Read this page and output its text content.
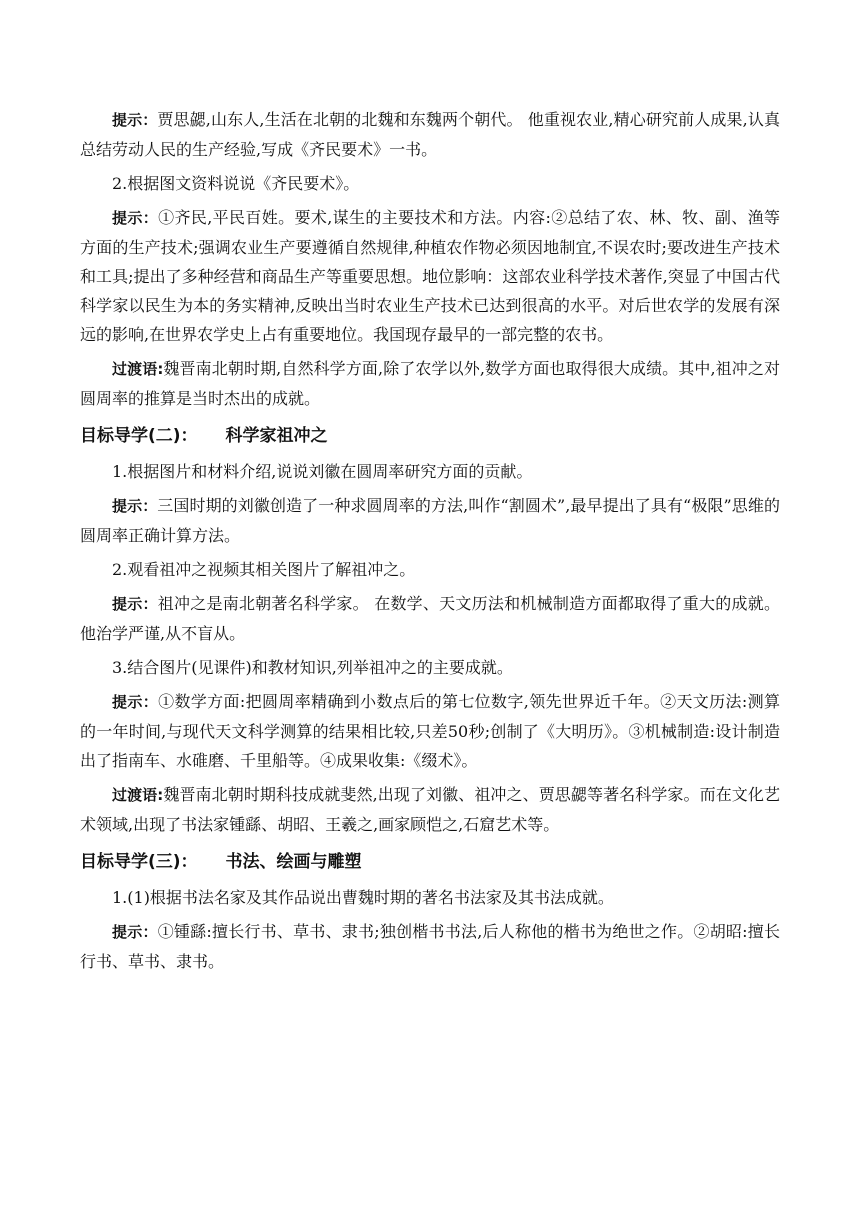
提示：贾思勰,山东人,生活在北朝的北魏和东魏两个朝代。 他重视农业,精心研究前人成果,认真总结劳动人民的生产经验,写成《齐民要术》一书。

2.根据图文资料说说《齐民要术》。

提示：①齐民,平民百姓。要术,谋生的主要技术和方法。内容:②总结了农、林、牧、副、渔等方面的生产技术;强调农业生产要遵循自然规律,种植农作物必须因地制宜,不误农时;要改进生产技术和工具;提出了多种经营和商品生产等重要思想。地位影响：这部农业科学技术著作,突显了中国古代科学家以民生为本的务实精神,反映出当时农业生产技术已达到很高的水平。对后世农学的发展有深远的影响,在世界农学史上占有重要地位。我国现存最早的一部完整的农书。

过渡语:魏晋南北朝时期,自然科学方面,除了农学以外,数学方面也取得很大成绩。其中,祖冲之对圆周率的推算是当时杰出的成就。

目标导学(二)： 科学家祖冲之

1.根据图片和材料介绍,说说刘徽在圆周率研究方面的贡献。

提示：三国时期的刘徽创造了一种求圆周率的方法,叫作“割圆术”,最早提出了具有“极限”思维的圆周率正确计算方法。

2.观看祖冲之视频其相关图片了解祖冲之。

提示：祖冲之是南北朝著名科学家。 在数学、天文历法和机械制造方面都取得了重大的成就。 他治学严谨,从不盲从。

3.结合图片(见课件)和教材知识,列举祖冲之的主要成就。

提示：①数学方面:把圆周率精确到小数点后的第七位数字,领先世界近千年。②天文历法:测算的一年时间,与现代天文科学测算的结果相比较,只差50秒;创制了《大明历》。③机械制造:设计制造出了指南车、水碓磨、千里船等。④成果收集:《缀术》。

过渡语:魏晋南北朝时期科技成就斐然,出现了刘徽、祖冲之、贾思勰等著名科学家。而在文化艺术领域,出现了书法家锺繇、胡昭、王羲之,画家顾恺之,石窟艺术等。

目标导学(三)： 书法、绘画与雕塑

1.(1)根据书法名家及其作品说出曹魏时期的著名书法家及其书法成就。

提示：①锺繇:擅长行书、草书、隶书;独创楷书书法,后人称他的楷书为绝世之作。②胡昭:擅长行书、草书、隶书。
